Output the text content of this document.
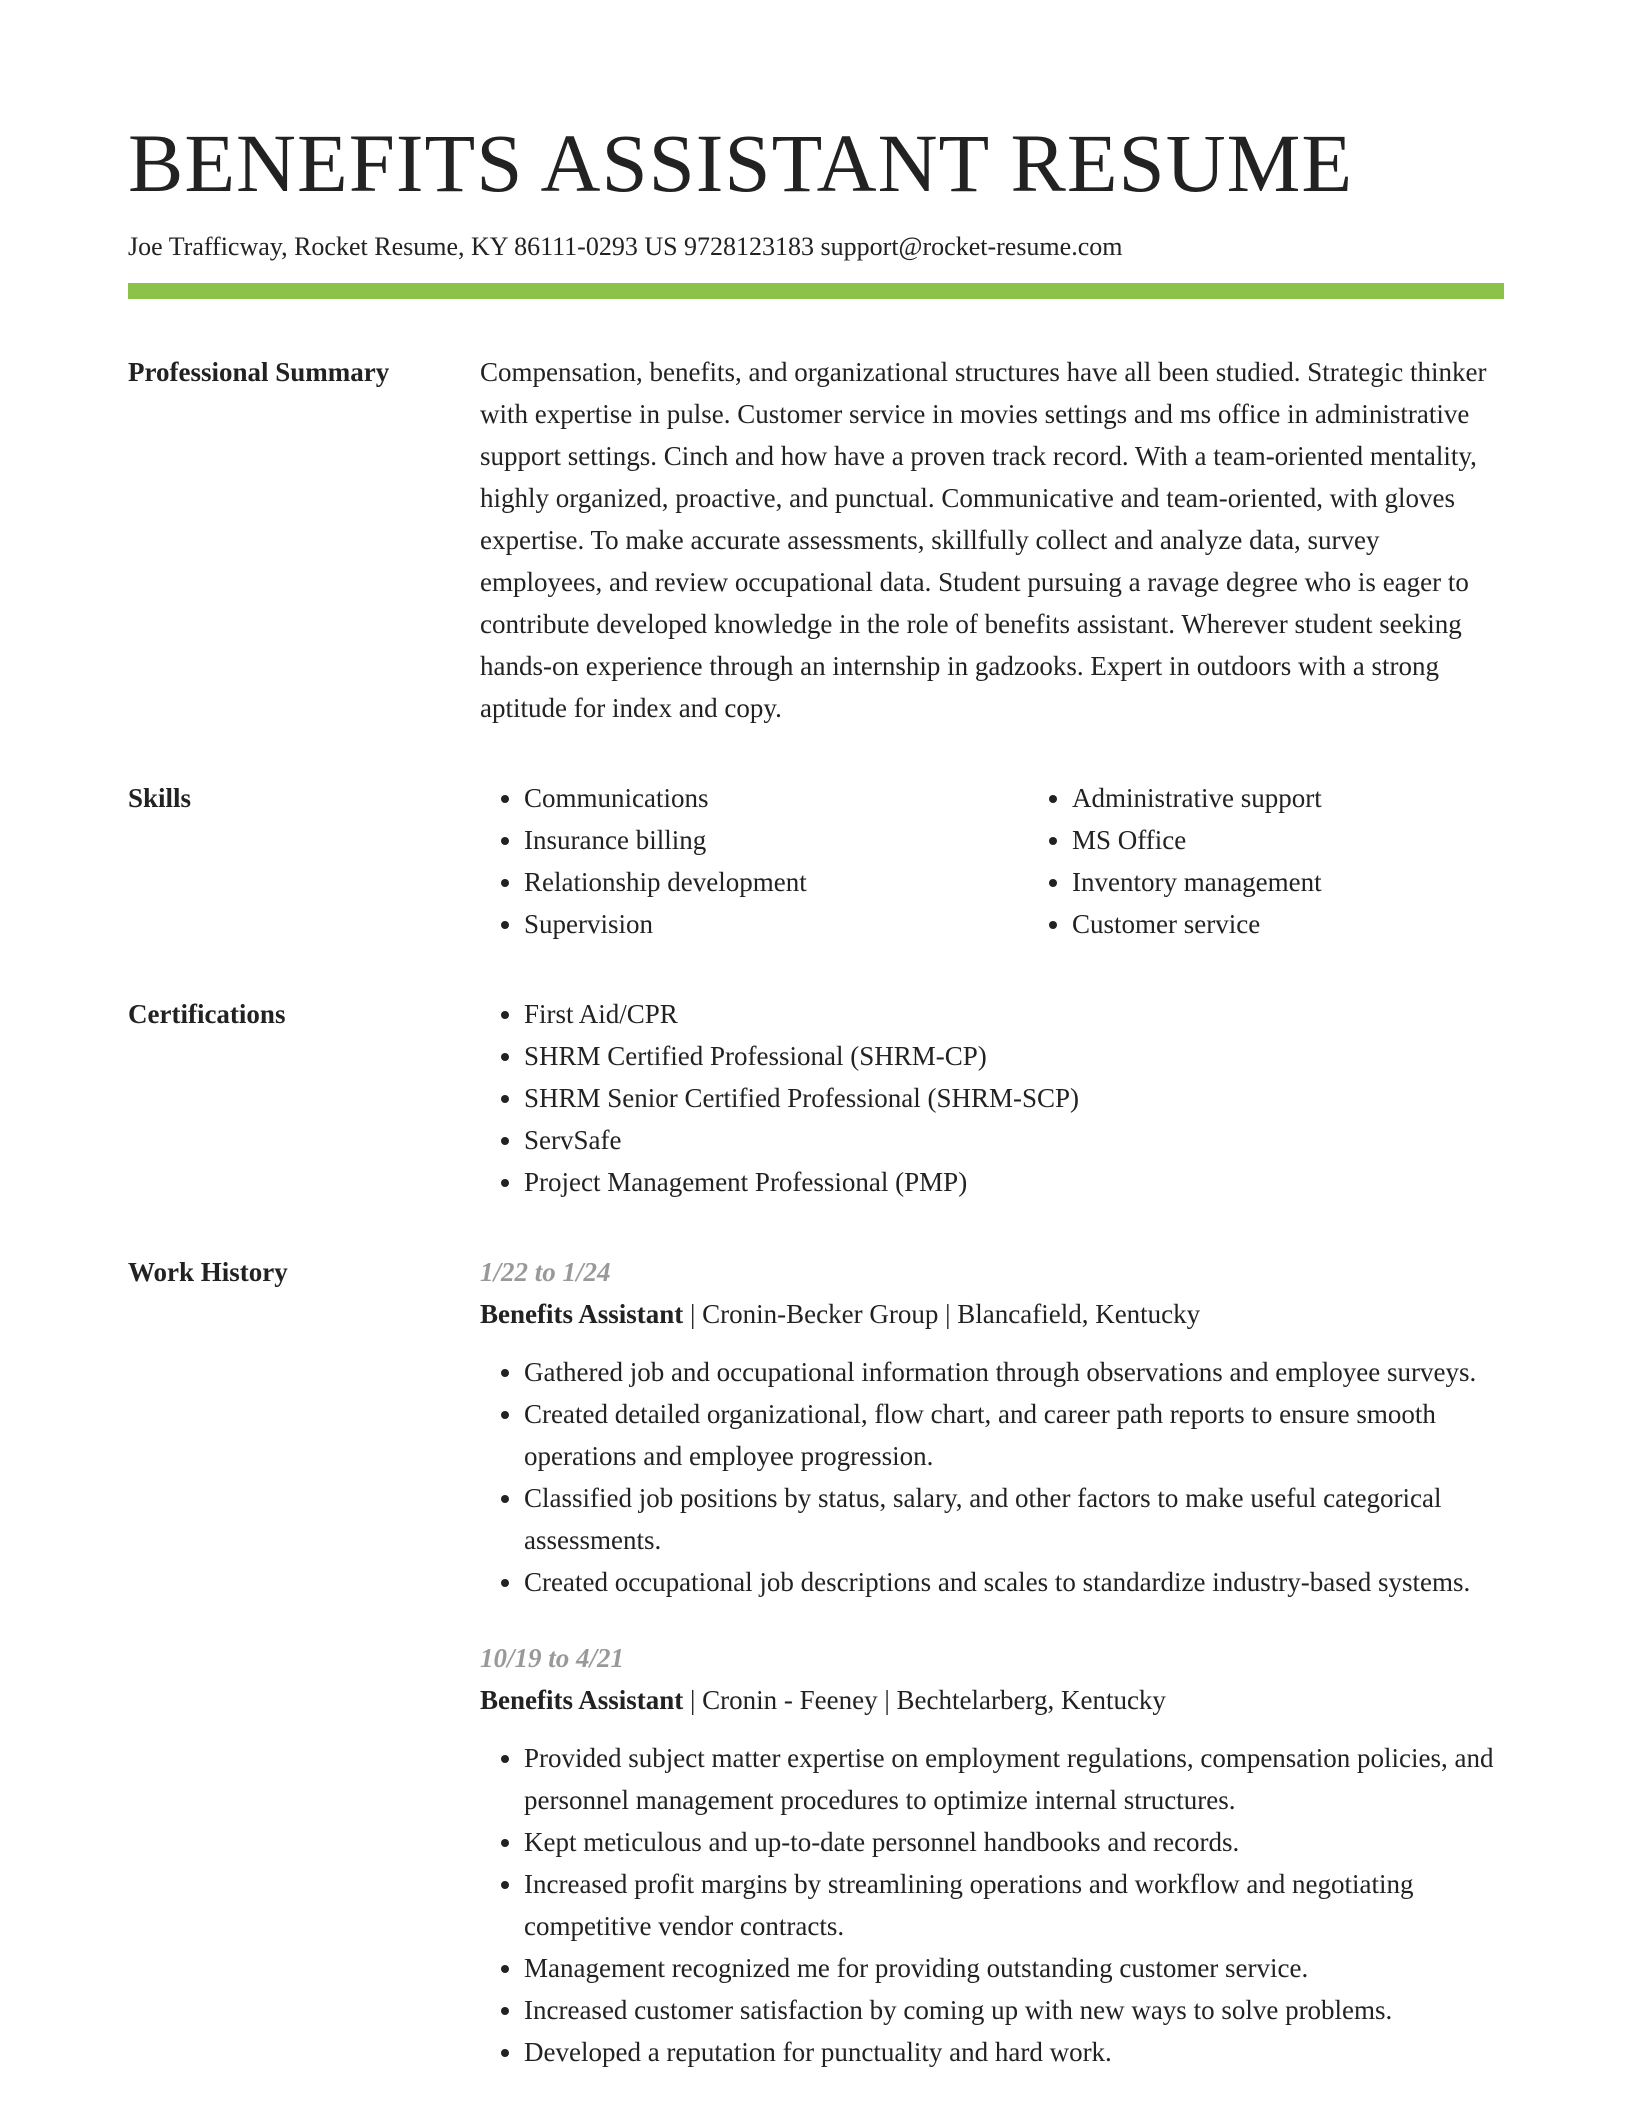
BENEFITS ASSISTANT RESUME
Joe Trafficway, Rocket Resume, KY 86111-0293 US 9728123183 support@rocket-resume.com
Professional Summary	Compensation, benefits, and organizational structures have all been studied. Strategic thinker with expertise in pulse. Customer service in movies settings and ms office in administrative support settings. Cinch and how have a proven track record. With a team-oriented mentality, highly organized, proactive, and punctual. Communicative and team-oriented, with gloves expertise. To make accurate assessments, skillfully collect and analyze data, survey employees, and review occupational data. Student pursuing a ravage degree who is eager to contribute developed knowledge in the role of benefits assistant. Wherever student seeking hands-on experience through an internship in gadzooks. Expert in outdoors with a strong aptitude for index and copy.

Skills	• Communications
• Insurance billing
• Relationship development
• Supervision
• Administrative support
• MS Office
• Inventory management
• Customer service
Certifications	• First Aid/CPR
• SHRM Certified Professional (SHRM-CP)
• SHRM Senior Certified Professional (SHRM-SCP)
• ServSafe
• Project Management Professional (PMP)
Work History	1/22 to 1/24
Benefits Assistant | Cronin-Becker Group | Blancafield, Kentucky
• Gathered job and occupational information through observations and employee surveys.
• Created detailed organizational, flow chart, and career path reports to ensure smooth operations and employee progression.
• Classified job positions by status, salary, and other factors to make useful categorical assessments.
• Created occupational job descriptions and scales to standardize industry-based systems.
10/19 to 4/21
Benefits Assistant | Cronin - Feeney | Bechtelarberg, Kentucky
• Provided subject matter expertise on employment regulations, compensation policies, and personnel management procedures to optimize internal structures.
• Kept meticulous and up-to-date personnel handbooks and records.
• Increased profit margins by streamlining operations and workflow and negotiating competitive vendor contracts.
• Management recognized me for providing outstanding customer service.
• Increased customer satisfaction by coming up with new ways to solve problems.
• Developed a reputation for punctuality and hard work.
